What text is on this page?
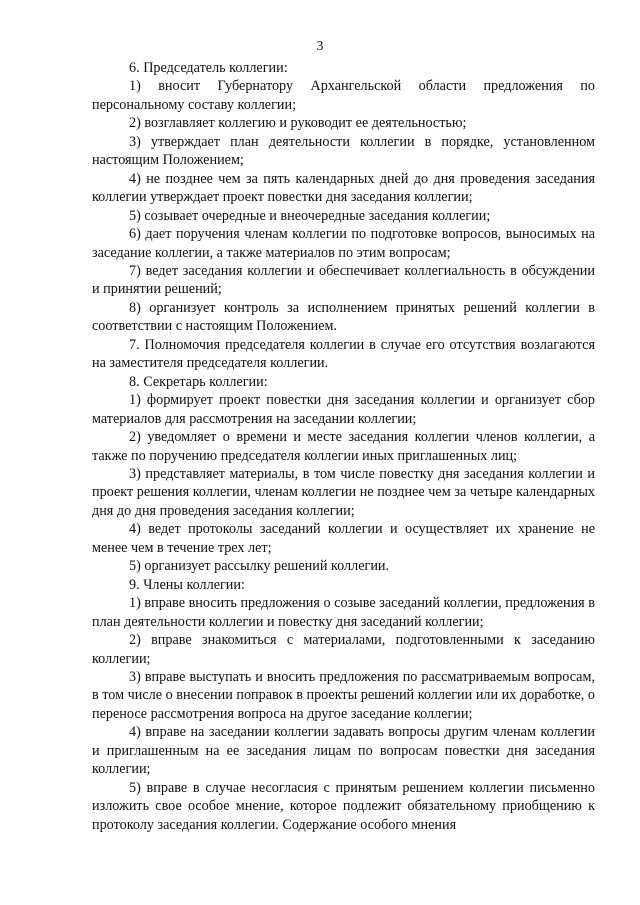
3

6. Председатель коллегии:

1) вносит Губернатору Архангельской области предложения по персональному составу коллегии;

2) возглавляет коллегию и руководит ее деятельностью;

3) утверждает план деятельности коллегии в порядке, установленном настоящим Положением;

4) не позднее чем за пять календарных дней до дня проведения заседания коллегии утверждает проект повестки дня заседания коллегии;

5) созывает очередные и внеочередные заседания коллегии;

6) дает поручения членам коллегии по подготовке вопросов, выносимых на заседание коллегии, а также материалов по этим вопросам;

7) ведет заседания коллегии и обеспечивает коллегиальность в обсуждении и принятии решений;

8) организует контроль за исполнением принятых решений коллегии в соответствии с настоящим Положением.

7. Полномочия председателя коллегии в случае его отсутствия возлагаются на заместителя председателя коллегии.

8. Секретарь коллегии:

1) формирует проект повестки дня заседания коллегии и организует сбор материалов для рассмотрения на заседании коллегии;

2) уведомляет о времени и месте заседания коллегии членов коллегии, а также по поручению председателя коллегии иных приглашенных лиц;

3) представляет материалы, в том числе повестку дня заседания коллегии и проект решения коллегии, членам коллегии не позднее чем за четыре календарных дня до дня проведения заседания коллегии;

4) ведет протоколы заседаний коллегии и осуществляет их хранение не менее чем в течение трех лет;

5) организует рассылку решений коллегии.

9. Члены коллегии:

1) вправе вносить предложения о созыве заседаний коллегии, предложения в план деятельности коллегии и повестку дня заседаний коллегии;

2) вправе знакомиться с материалами, подготовленными к заседанию коллегии;

3) вправе выступать и вносить предложения по рассматриваемым вопросам, в том числе о внесении поправок в проекты решений коллегии или их доработке, о переносе рассмотрения вопроса на другое заседание коллегии;

4) вправе на заседании коллегии задавать вопросы другим членам коллегии и приглашенным на ее заседания лицам по вопросам повестки дня заседания коллегии;

5) вправе в случае несогласия с принятым решением коллегии письменно изложить свое особое мнение, которое подлежит обязательному приобщению к протоколу заседания коллегии. Содержание особого мнения
